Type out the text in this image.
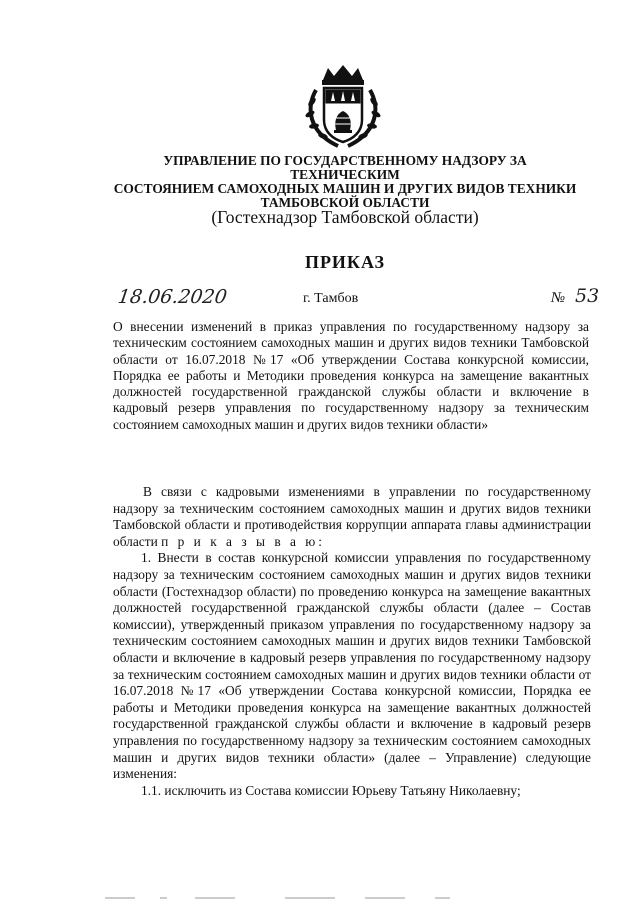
УПРАВЛЕНИЕ ПО ГОСУДАРСТВЕННОМУ НАДЗОРУ ЗА ТЕХНИЧЕСКИМ
СОСТОЯНИЕМ САМОХОДНЫХ МАШИН И ДРУГИХ ВИДОВ ТЕХНИКИ
ТАМБОВСКОЙ ОБЛАСТИ
(Гостехнадзор Тамбовской области)
ПРИКАЗ
18.06.2020	г. Тамбов	№ 53
О внесении изменений в приказ управления по государственному надзору за техническим состоянием самоходных машин и других видов техники Тамбовской области от 16.07.2018 №17 «Об утверждении Состава конкурсной комиссии, Порядка ее работы и Методики проведения конкурса на замещение вакантных должностей государственной гражданской службы области и включение в кадровый резерв управления по государственному надзору за техническим состоянием самоходных машин и других видов техники области»

В связи с кадровыми изменениями в управлении по государственному надзору за техническим состоянием самоходных машин и других видов техники Тамбовской области и противодействия коррупции аппарата главы администрации области п р и к а з ы в а ю:

1. Внести в состав конкурсной комиссии управления по государственному надзору за техническим состоянием самоходных машин и других видов техники области (Гостехнадзор области) по проведению конкурса на замещение вакантных должностей государственной гражданской службы области (далее – Состав комиссии), утвержденный приказом управления по государственному надзору за техническим состоянием самоходных машин и других видов техники Тамбовской области и включение в кадровый резерв управления по государственному надзору за техническим состоянием самоходных машин и других видов техники области от 16.07.2018 №17 «Об утверждении Состава конкурсной комиссии, Порядка ее работы и Методики проведения конкурса на замещение вакантных должностей государственной гражданской службы области и включение в кадровый резерв управления по государственному надзору за техническим состоянием самоходных машин и других видов техники области» (далее – Управление) следующие изменения:

1.1. исключить из Состава комиссии Юрьеву Татьяну Николаевну;
